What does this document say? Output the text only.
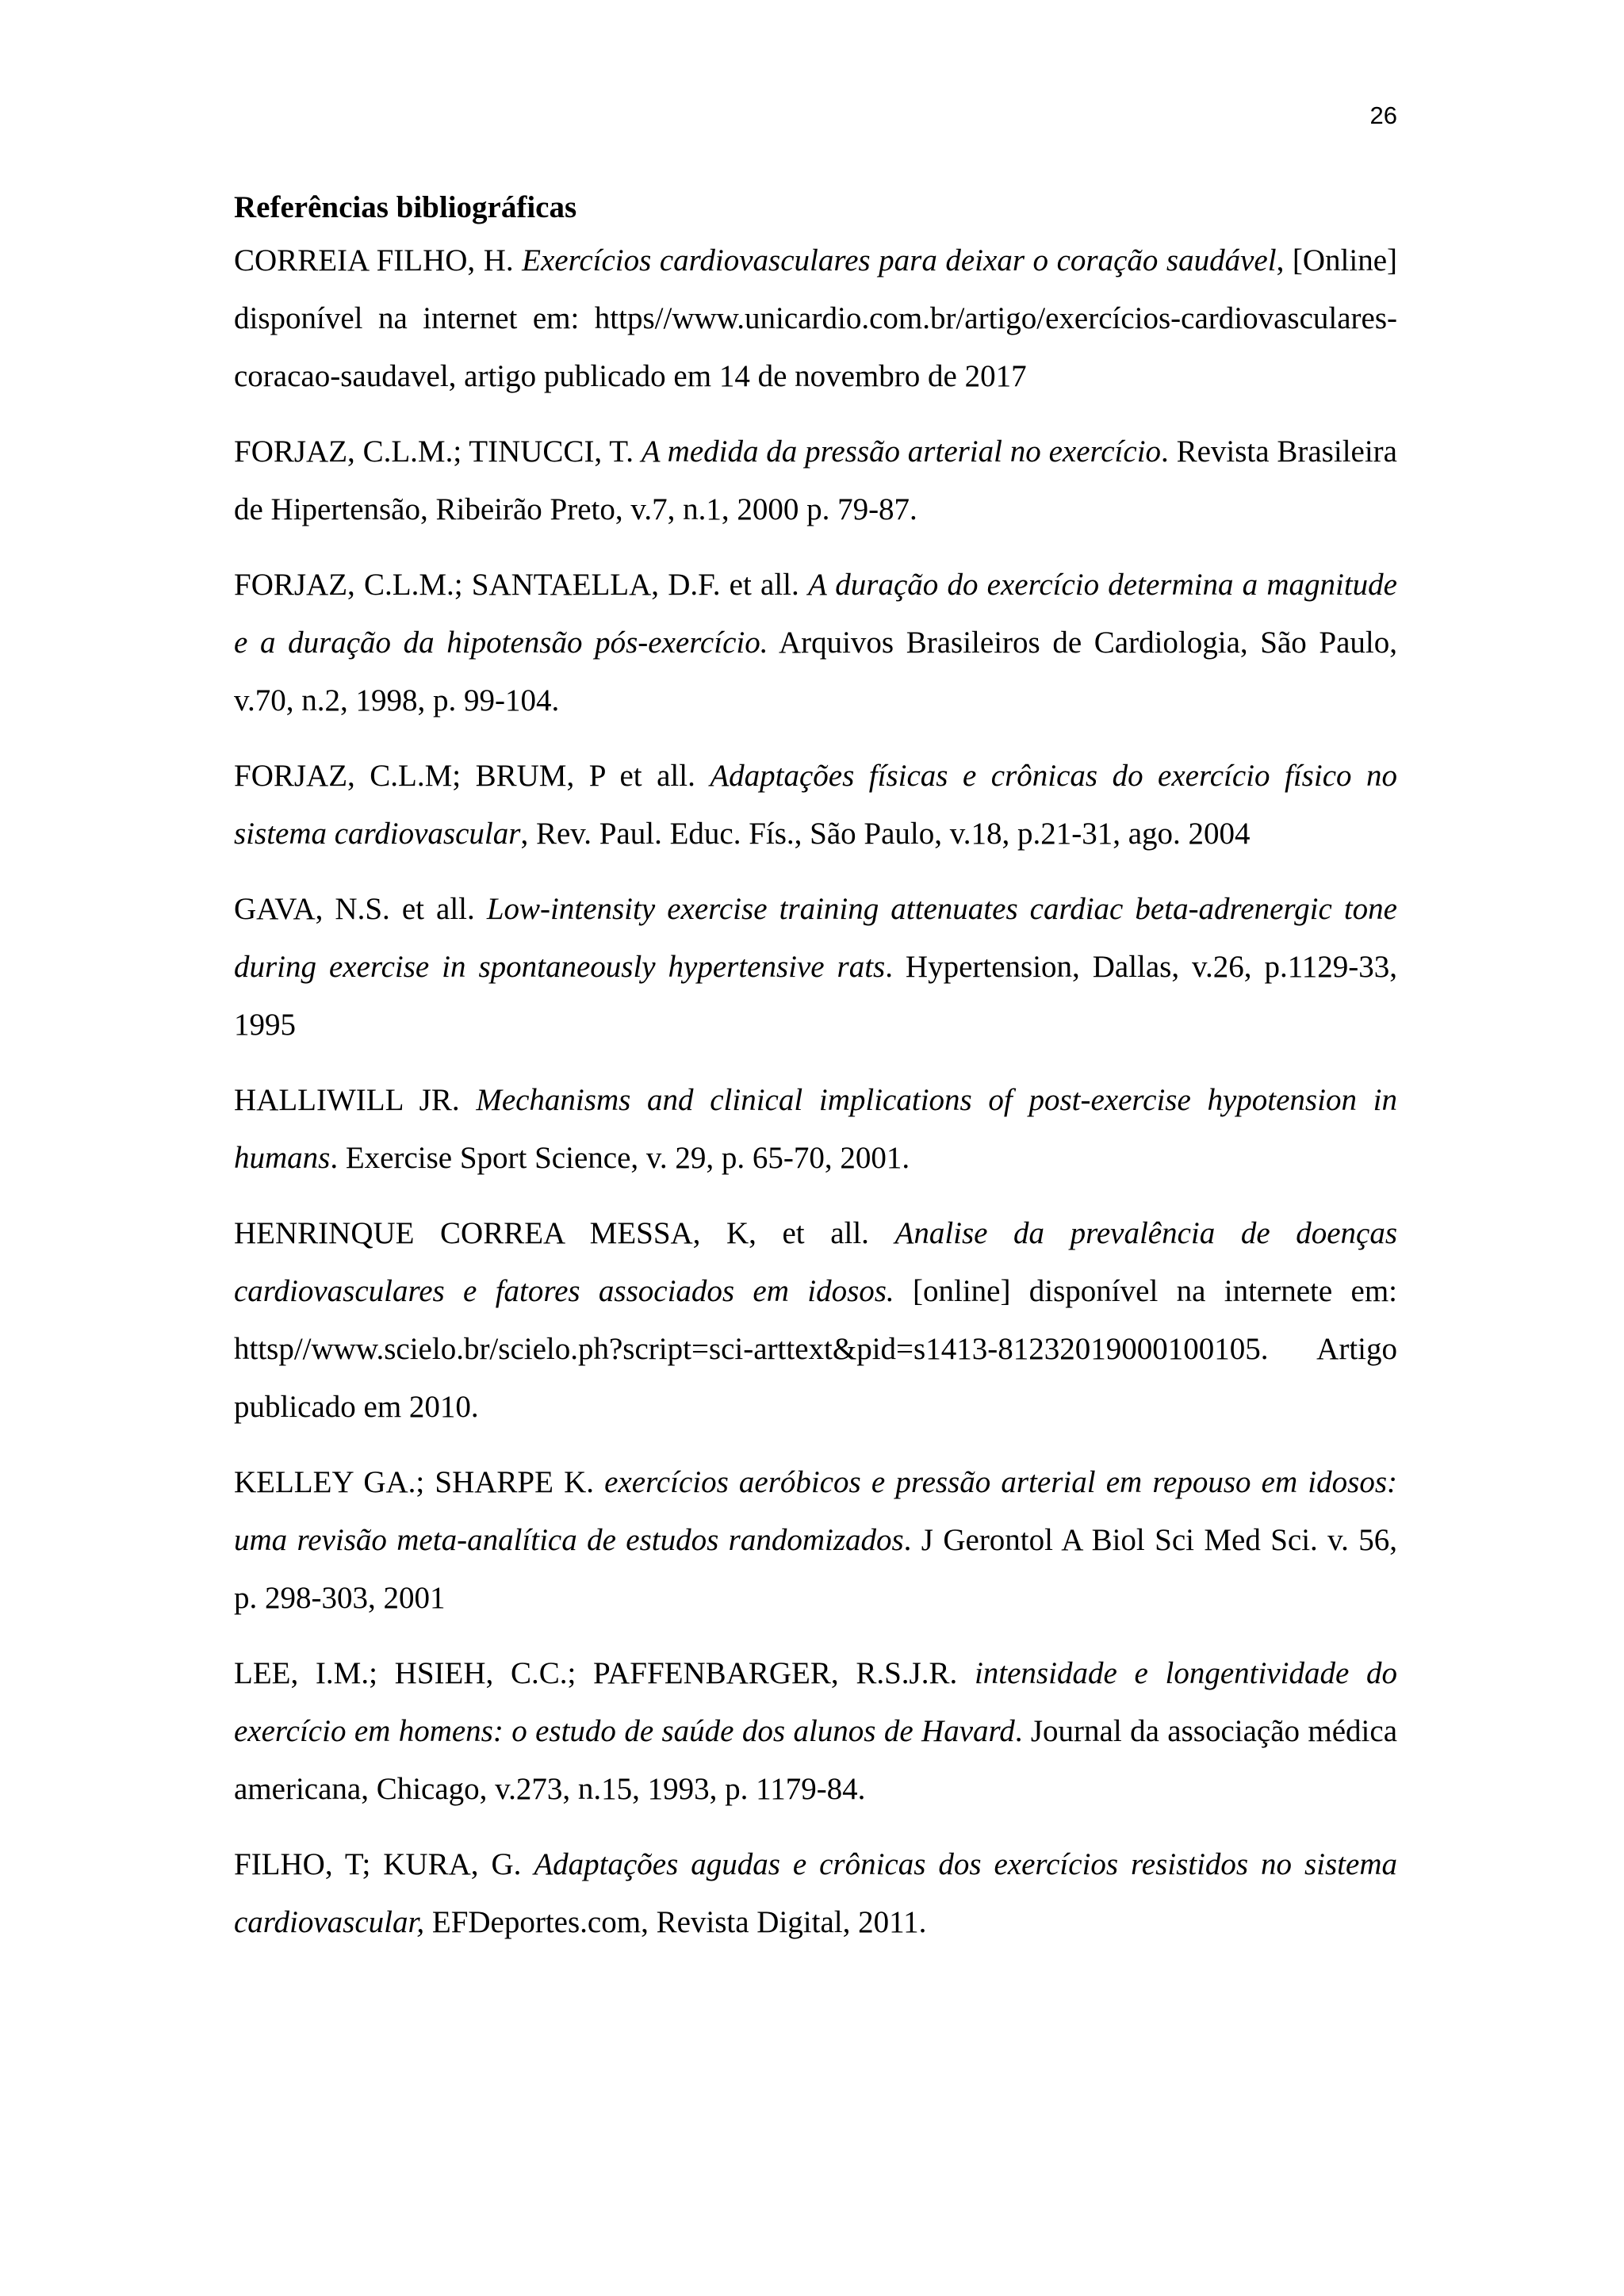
26
Referências bibliográficas

CORREIA FILHO, H. Exercícios cardiovasculares para deixar o coração saudável, [Online] disponível na internet em: https//www.unicardio.com.br/artigo/exercícios-cardiovasculares-coracao-saudavel, artigo publicado em 14 de novembro de 2017

FORJAZ, C.L.M.; TINUCCI, T. A medida da pressão arterial no exercício. Revista Brasileira de Hipertensão, Ribeirão Preto, v.7, n.1, 2000 p. 79-87.

FORJAZ, C.L.M.; SANTAELLA, D.F. et all. A duração do exercício determina a magnitude e a duração da hipotensão pós-exercício. Arquivos Brasileiros de Cardiologia, São Paulo, v.70, n.2, 1998, p. 99-104.

FORJAZ, C.L.M; BRUM, P et all. Adaptações físicas e crônicas do exercício físico no sistema cardiovascular, Rev. Paul. Educ. Fís., São Paulo, v.18, p.21-31, ago. 2004

GAVA, N.S. et all. Low-intensity exercise training attenuates cardiac beta-adrenergic tone during exercise in spontaneously hypertensive rats. Hypertension, Dallas, v.26, p.1129-33, 1995

HALLIWILL JR. Mechanisms and clinical implications of post-exercise hypotension in humans. Exercise Sport Science, v. 29, p. 65-70, 2001.

HENRINQUE CORREA MESSA, K, et all. Analise da prevalência de doenças cardiovasculares e fatores associados em idosos. [online] disponível na internete em: httsp//www.scielo.br/scielo.ph?script=sci-arttext&pid=s1413-81232019000100105. Artigo publicado em 2010.

KELLEY GA.; SHARPE K. exercícios aeróbicos e pressão arterial em repouso em idosos: uma revisão meta-analítica de estudos randomizados. J Gerontol A Biol Sci Med Sci. v. 56, p. 298-303, 2001

LEE, I.M.; HSIEH, C.C.; PAFFENBARGER, R.S.J.R. intensidade e longentividade do exercício em homens: o estudo de saúde dos alunos de Havard. Journal da associação médica americana, Chicago, v.273, n.15, 1993, p. 1179-84.

FILHO, T; KURA, G. Adaptações agudas e crônicas dos exercícios resistidos no sistema cardiovascular, EFDeportes.com, Revista Digital, 2011.
